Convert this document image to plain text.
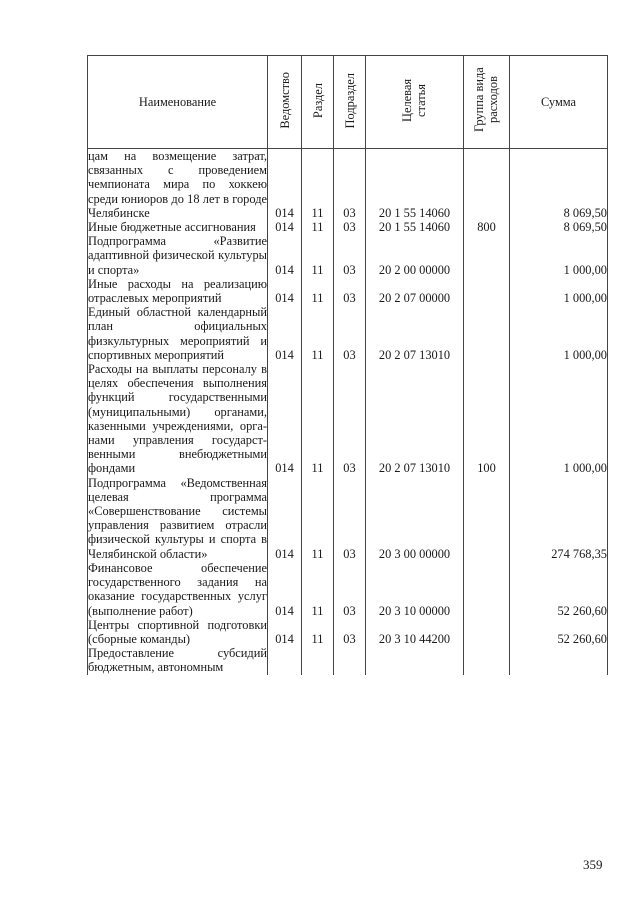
Наименование	Ведомство	Раздел	Подраздел	Целевая статья	Группа вида расходов	Сумма
цам на возмещение затрат, связанных с проведением чемпионата мира по хоккею среди юниоров до 18 лет в городе Челябинске	014	11	03	20 1 55 14060		8 069,50
Иные бюджетные ассигнования	014	11	03	20 1 55 14060	800	8 069,50
Подпрограмма «Развитие адаптивной физической культуры и спорта»	014	11	03	20 2 00 00000		1 000,00
Иные расходы на реализацию отраслевых мероприятий	014	11	03	20 2 07 00000		1 000,00
Единый областной календарный план официальных физкультурных мероприятий и спортивных мероприятий	014	11	03	20 2 07 13010		1 000,00
Расходы на выплаты персоналу в целях обеспечения выполнения функций государственными (муниципальными) органами, казенными учреждениями, органами управления государственными внебюджетными фондами	014	11	03	20 2 07 13010	100	1 000,00
Подпрограмма «Ведомственная целевая программа «Совершенствование системы управления развитием отрасли физической культуры и спорта в Челябинской области»	014	11	03	20 3 00 00000		274 768,35
Финансовое обеспечение государственного задания на оказание государственных услуг (выполнение работ)	014	11	03	20 3 10 00000		52 260,60
Центры спортивной подготовки (сборные команды)	014	11	03	20 3 10 44200		52 260,60
Предоставление субсидий бюджетным, автономным						
359
